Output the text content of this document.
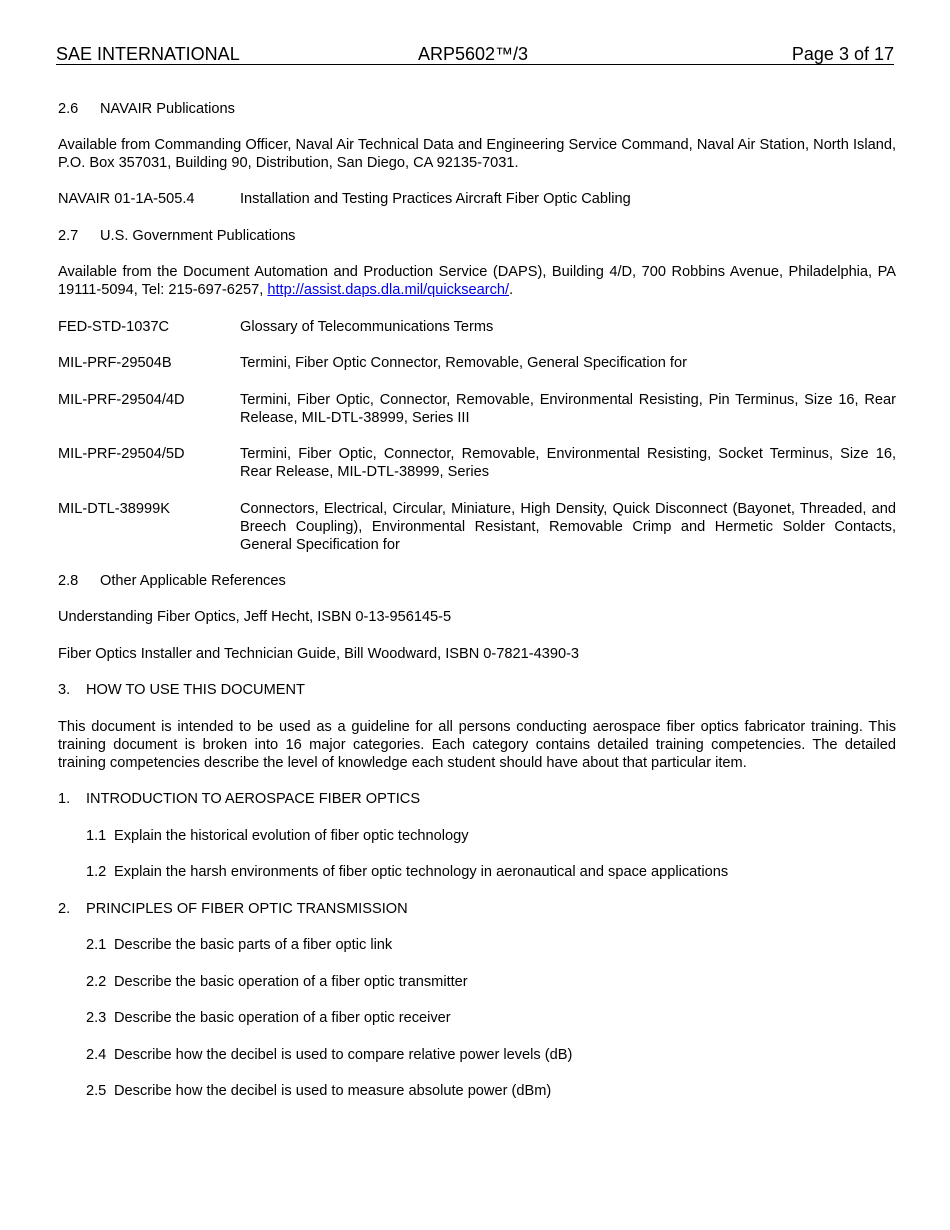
SAE INTERNATIONAL	ARP5602™/3	Page 3 of 17
2.6 NAVAIR Publications
Available from Commanding Officer, Naval Air Technical Data and Engineering Service Command, Naval Air Station, North Island, P.O. Box 357031, Building 90, Distribution, San Diego, CA 92135-7031.
NAVAIR 01-1A-505.4	Installation and Testing Practices Aircraft Fiber Optic Cabling
2.7 U.S. Government Publications
Available from the Document Automation and Production Service (DAPS), Building 4/D, 700 Robbins Avenue, Philadelphia, PA 19111-5094, Tel: 215-697-6257, http://assist.daps.dla.mil/quicksearch/.
FED-STD-1037C	Glossary of Telecommunications Terms
MIL-PRF-29504B	Termini, Fiber Optic Connector, Removable, General Specification for
MIL-PRF-29504/4D	Termini, Fiber Optic, Connector, Removable, Environmental Resisting, Pin Terminus, Size 16, Rear Release, MIL-DTL-38999, Series III
MIL-PRF-29504/5D	Termini, Fiber Optic, Connector, Removable, Environmental Resisting, Socket Terminus, Size 16, Rear Release, MIL-DTL-38999, Series
MIL-DTL-38999K	Connectors, Electrical, Circular, Miniature, High Density, Quick Disconnect (Bayonet, Threaded, and Breech Coupling), Environmental Resistant, Removable Crimp and Hermetic Solder Contacts, General Specification for
2.8 Other Applicable References
Understanding Fiber Optics, Jeff Hecht, ISBN 0-13-956145-5
Fiber Optics Installer and Technician Guide, Bill Woodward, ISBN 0-7821-4390-3
3. HOW TO USE THIS DOCUMENT
This document is intended to be used as a guideline for all persons conducting aerospace fiber optics fabricator training. This training document is broken into 16 major categories. Each category contains detailed training competencies. The detailed training competencies describe the level of knowledge each student should have about that particular item.
1. INTRODUCTION TO AEROSPACE FIBER OPTICS
1.1 Explain the historical evolution of fiber optic technology
1.2 Explain the harsh environments of fiber optic technology in aeronautical and space applications
2. PRINCIPLES OF FIBER OPTIC TRANSMISSION
2.1 Describe the basic parts of a fiber optic link
2.2 Describe the basic operation of a fiber optic transmitter
2.3 Describe the basic operation of a fiber optic receiver
2.4 Describe how the decibel is used to compare relative power levels (dB)
2.5 Describe how the decibel is used to measure absolute power (dBm)
